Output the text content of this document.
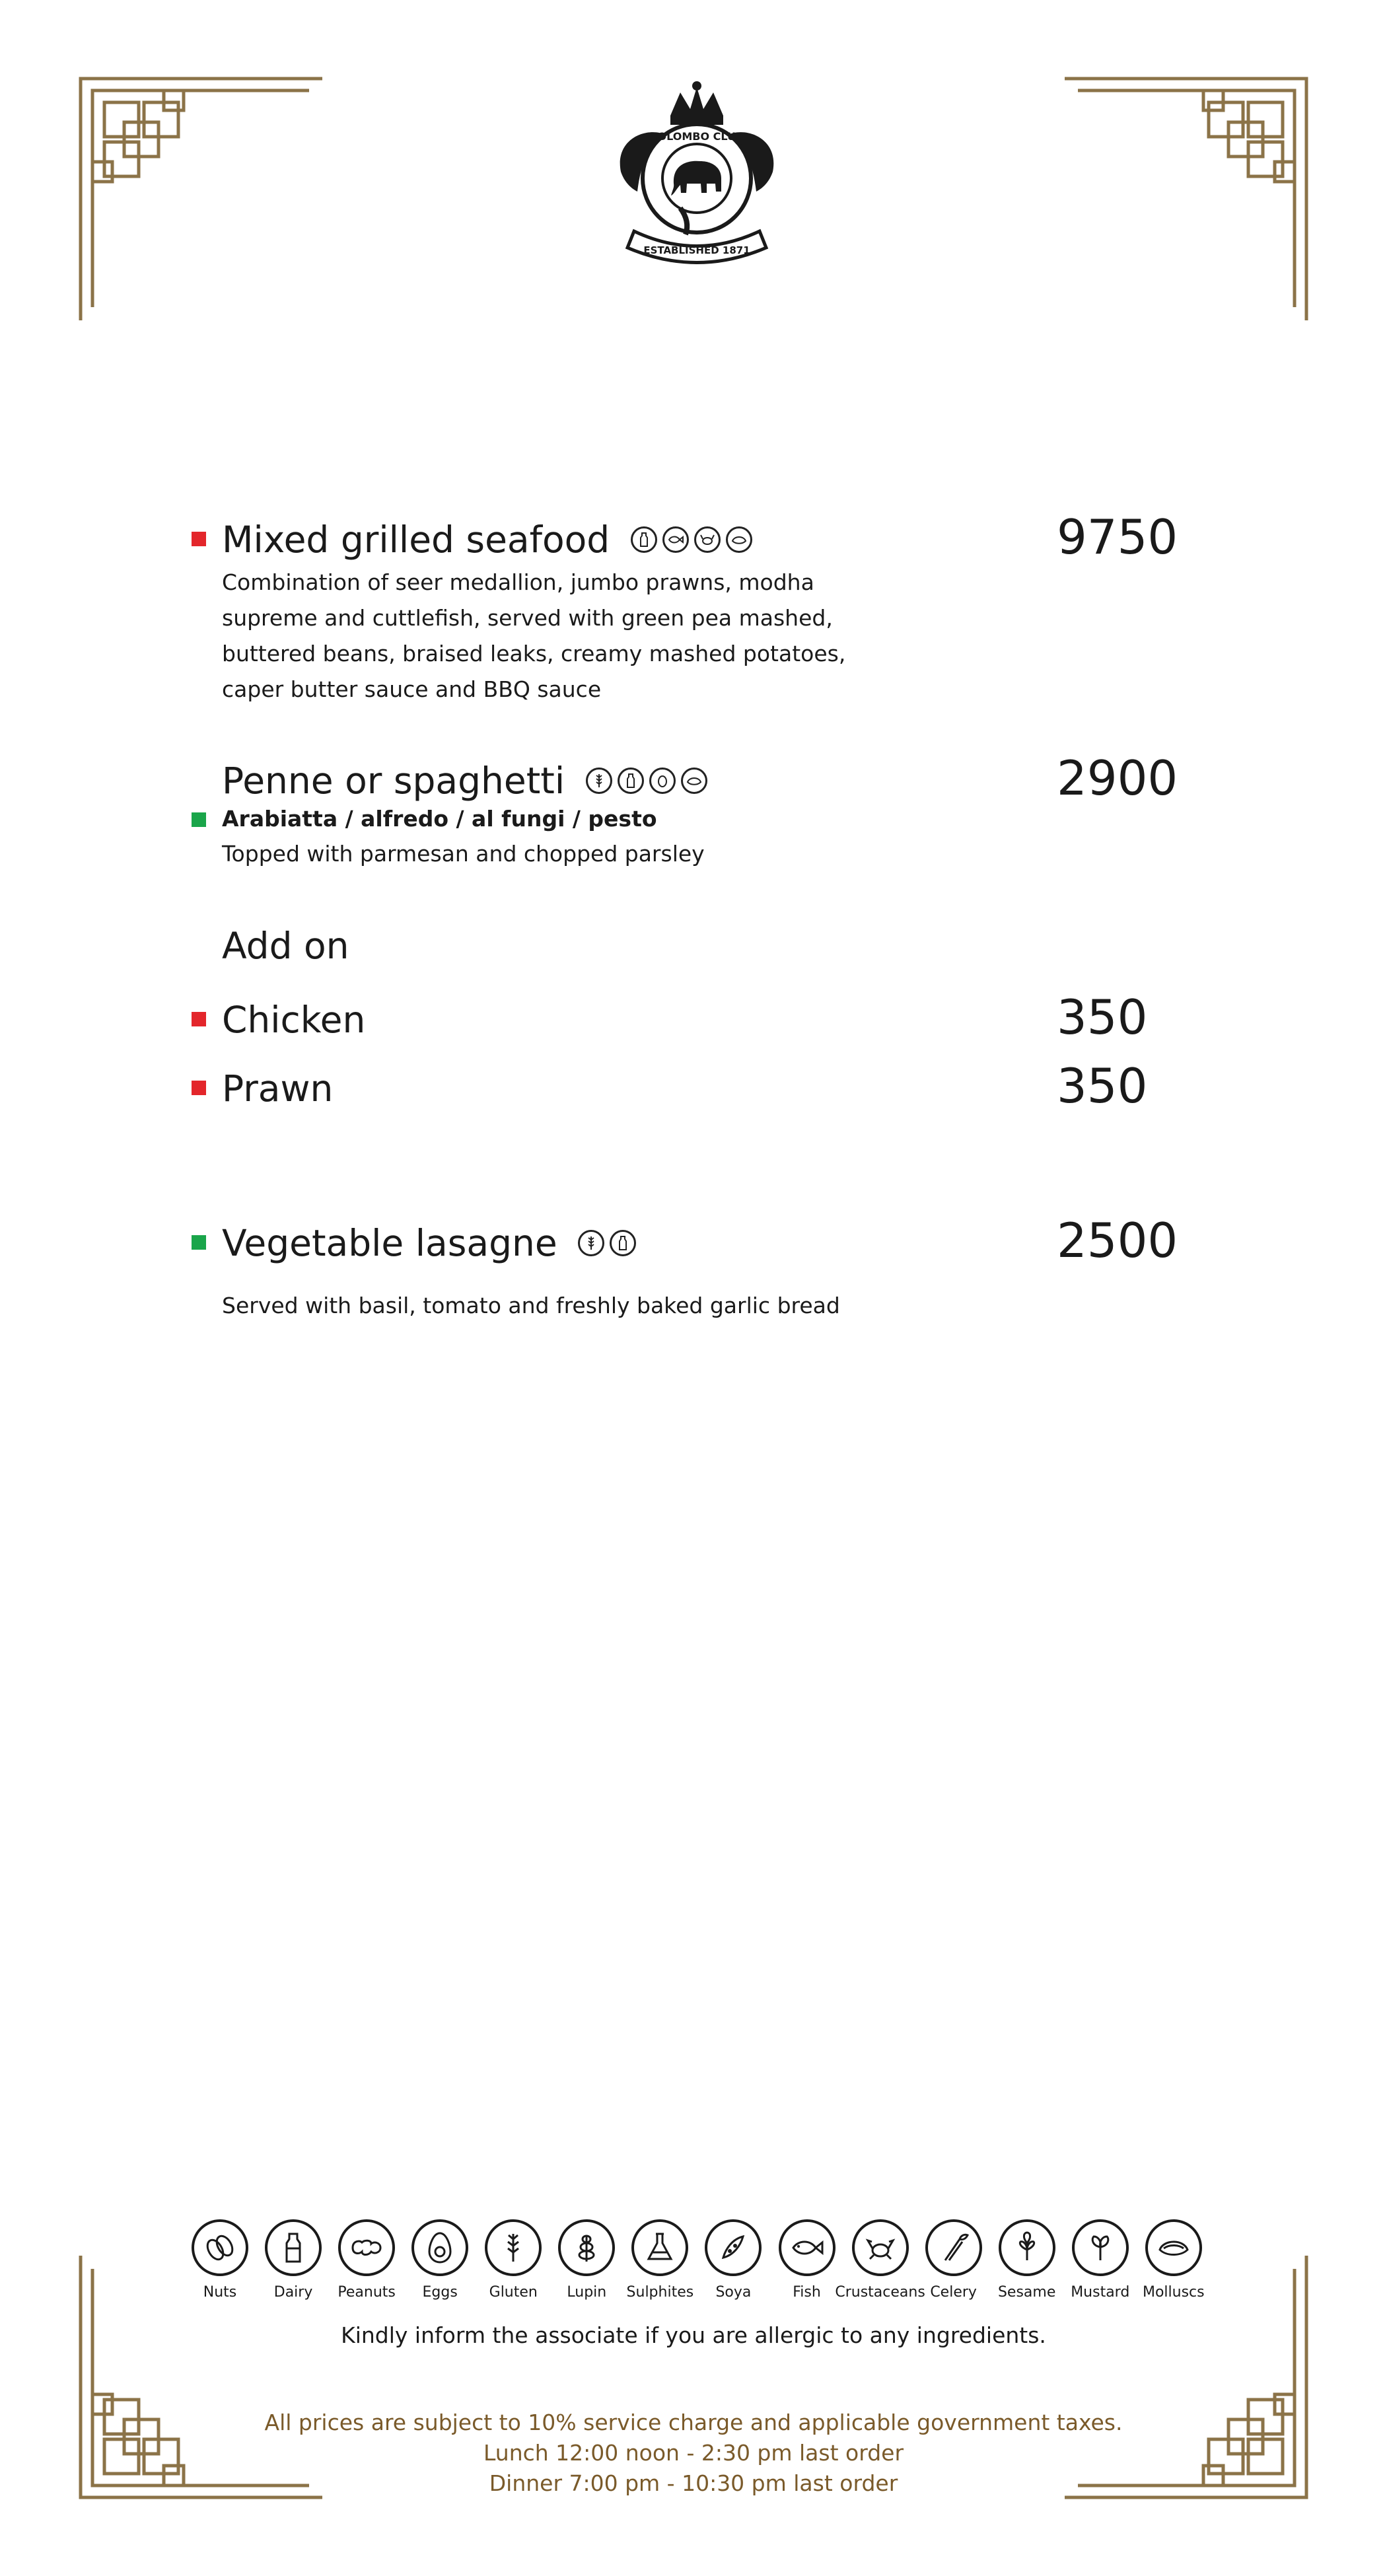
COLOMBO CLUB
ESTABLISHED 1871
Mixed grilled seafood	9750
Combination of seer medallion, jumbo prawns, modha
supreme and cuttlefish, served with green pea mashed,
buttered beans, braised leaks, creamy mashed potatoes,
caper butter sauce and BBQ sauce
Penne or spaghetti	2900
Arabiatta / alfredo / al fungi / pesto
Topped with parmesan and chopped parsley
Add on
Chicken	350
Prawn	350
Vegetable lasagne	2500
Served with basil, tomato and freshly baked garlic bread
Nuts	Dairy Peanuts Eggs Gluten Lupin Sulphites Soya	Fish Crustaceans Celery Sesame Mustard Molluscs
Kindly inform the associate if you are allergic to any ingredients.
All prices are subject to 10% service charge and applicable government taxes.
Lunch 12:00 noon - 2:30 pm last order
Dinner 7:00 pm - 10:30 pm last order
